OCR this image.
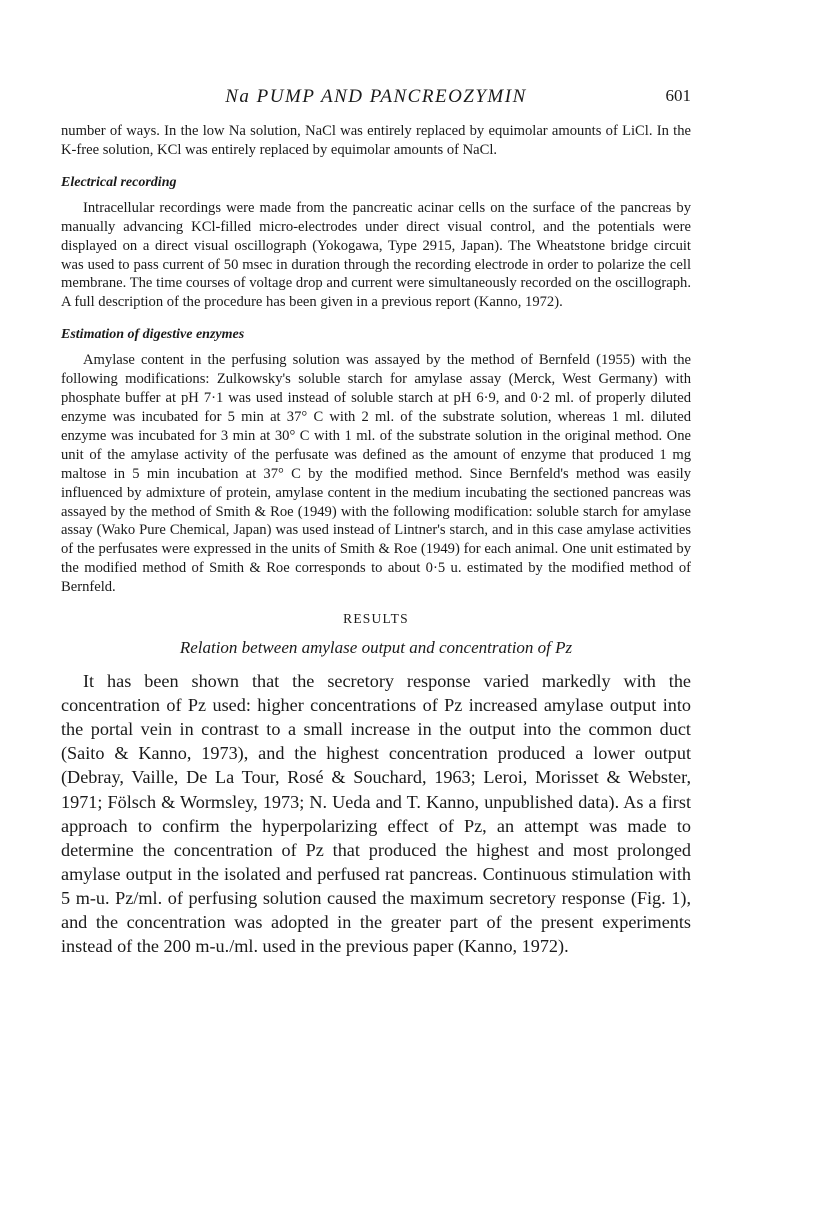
Na PUMP AND PANCREOZYMIN	601

number of ways. In the low Na solution, NaCl was entirely replaced by equimolar amounts of LiCl. In the K-free solution, KCl was entirely replaced by equimolar amounts of NaCl.

Electrical recording

Intracellular recordings were made from the pancreatic acinar cells on the surface of the pancreas by manually advancing KCl-filled micro-electrodes under direct visual control, and the potentials were displayed on a direct visual oscillograph (Yokogawa, Type 2915, Japan). The Wheatstone bridge circuit was used to pass current of 50 msec in duration through the recording electrode in order to polarize the cell membrane. The time courses of voltage drop and current were simultaneously recorded on the oscillograph. A full description of the procedure has been given in a previous report (Kanno, 1972).

Estimation of digestive enzymes

Amylase content in the perfusing solution was assayed by the method of Bernfeld (1955) with the following modifications: Zulkowsky's soluble starch for amylase assay (Merck, West Germany) with phosphate buffer at pH 7·1 was used instead of soluble starch at pH 6·9, and 0·2 ml. of properly diluted enzyme was incubated for 5 min at 37° C with 2 ml. of the substrate solution, whereas 1 ml. diluted enzyme was incubated for 3 min at 30° C with 1 ml. of the substrate solution in the original method. One unit of the amylase activity of the perfusate was defined as the amount of enzyme that produced 1 mg maltose in 5 min incubation at 37° C by the modified method. Since Bernfeld's method was easily influenced by admixture of protein, amylase content in the medium incubating the sectioned pancreas was assayed by the method of Smith & Roe (1949) with the following modification: soluble starch for amylase assay (Wako Pure Chemical, Japan) was used instead of Lintner's starch, and in this case amylase activities of the perfusates were expressed in the units of Smith & Roe (1949) for each animal. One unit estimated by the modified method of Smith & Roe corresponds to about 0·5 u. estimated by the modified method of Bernfeld.

RESULTS
Relation between amylase output and concentration of Pz

It has been shown that the secretory response varied markedly with the concentration of Pz used: higher concentrations of Pz increased amylase output into the portal vein in contrast to a small increase in the output into the common duct (Saito & Kanno, 1973), and the highest concentration produced a lower output (Debray, Vaille, De La Tour, Rosé & Souchard, 1963; Leroi, Morisset & Webster, 1971; Fölsch & Wormsley, 1973; N. Ueda and T. Kanno, unpublished data). As a first approach to confirm the hyperpolarizing effect of Pz, an attempt was made to determine the concentration of Pz that produced the highest and most prolonged amylase output in the isolated and perfused rat pancreas. Continuous stimulation with 5 m-u. Pz/ml. of perfusing solution caused the maximum secretory response (Fig. 1), and the concentration was adopted in the greater part of the present experiments instead of the 200 m-u./ml. used in the previous paper (Kanno, 1972).
